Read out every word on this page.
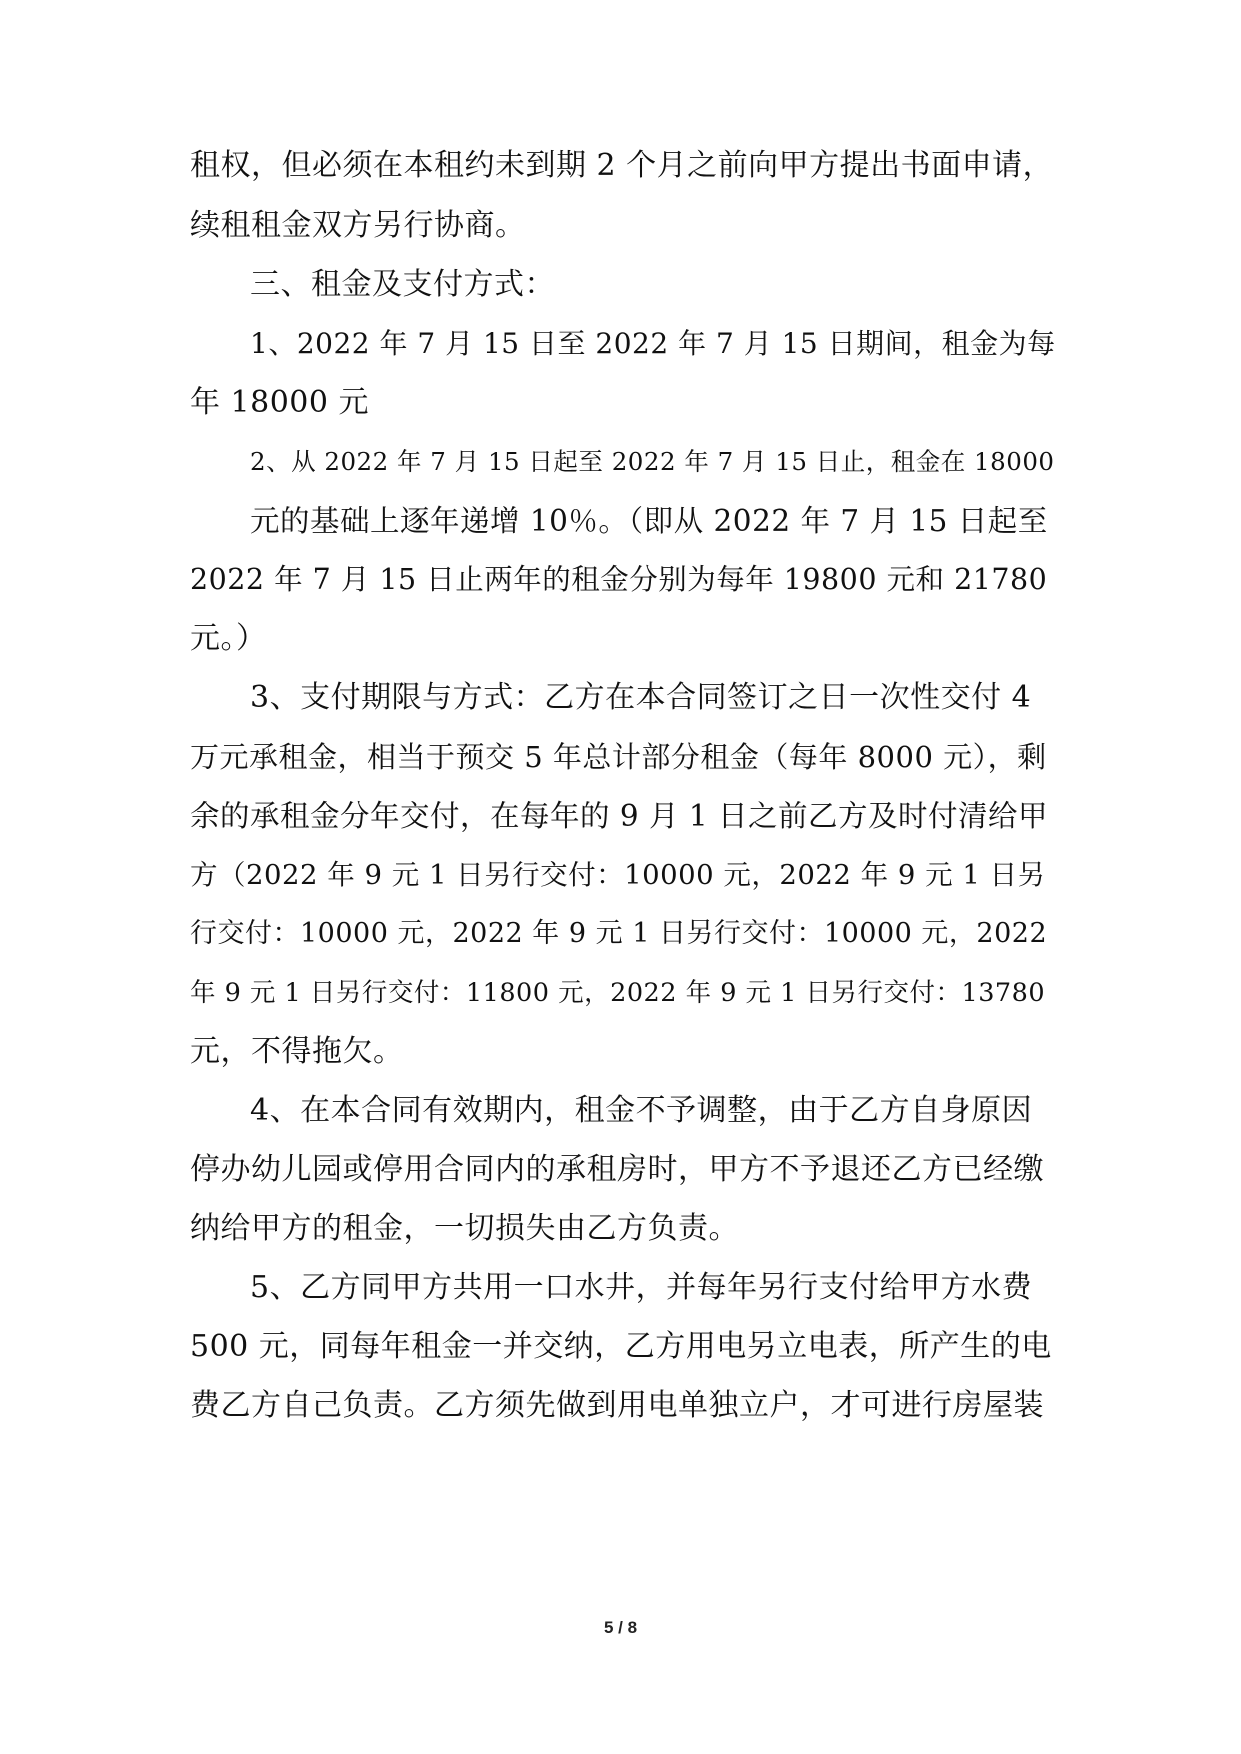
租权，但必须在本租约未到期 2 个月之前向甲方提出书面申请，
续租租金双方另行协商。
三、租金及支付方式：
1、2022 年 7 月 15 日至 2022 年 7 月 15 日期间，租金为每
年 18000 元
2、从 2022 年 7 月 15 日起至 2022 年 7 月 15 日止，租金在 18000
元的基础上逐年递增 10％。（即从 2022 年 7 月 15 日起至
2022 年 7 月 15 日止两年的租金分别为每年 19800 元和 21780
元。）
3、支付期限与方式：乙方在本合同签订之日一次性交付 4
万元承租金，相当于预交 5 年总计部分租金（每年 8000 元），剩
余的承租金分年交付，在每年的 9 月 1 日之前乙方及时付清给甲
方（2022 年 9 元 1 日另行交付：10000 元，2022 年 9 元 1 日另
行交付：10000 元，2022 年 9 元 1 日另行交付：10000 元，2022
年 9 元 1 日另行交付：11800 元，2022 年 9 元 1 日另行交付：13780
元，不得拖欠。
4、在本合同有效期内，租金不予调整，由于乙方自身原因
停办幼儿园或停用合同内的承租房时，甲方不予退还乙方已经缴
纳给甲方的租金，一切损失由乙方负责。
5、乙方同甲方共用一口水井，并每年另行支付给甲方水费
500 元，同每年租金一并交纳，乙方用电另立电表，所产生的电
费乙方自己负责。乙方须先做到用电单独立户，才可进行房屋装
5 / 8
